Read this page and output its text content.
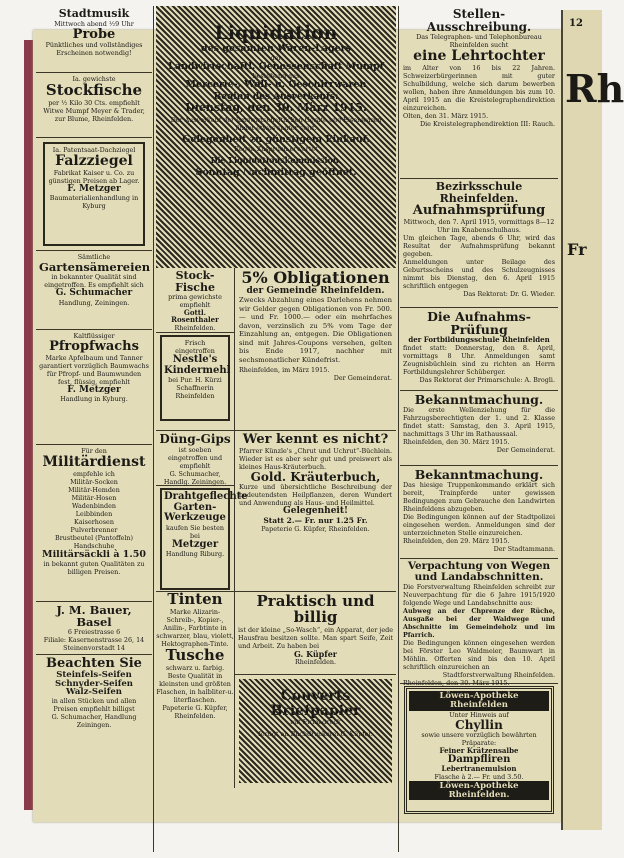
12
Rh
Fr
Stadtmusik
Mittwoch abend ½9 Uhr
Probe
Pünktliches und vollständiges Erscheinen notwendig!
Ia. gewichste
Stockfische
per ½ Kilo 30 Cts. empfiehlt Witwe Mumpf Meyer & Trader, zur Blume, Rheinfelden.
Ia. Patentsaat-Dachziegel
Falzziegel
Fabrikat Kaiser u. Co. zu günstigen Preisen ab Lager.
F. Metzger
Baumaterialienhandlung in Kyburg
Sämtliche
Gartensämereien
in bekannter Qualität sind eingetroffen. Es empfiehlt sich
G. Schumacher
Handlung, Zeiningen.
Kaltflüssiger
Pfropfwachs
Marke Apfelbaum und Tanner garantiert vorzüglich Baumwachs für Pfropf- und Baumwunden fest, flüssig, empfiehlt
F. Metzger
Handlung in Kyburg.
Für den
Militärdienst
empfehle ich
Militär-Socken
Militär-Hemden
Militär-Hosen
Wadenbinden
Leibbinden
Kaiserhosen
Pulverbrenner
Brustbeutel (Pantoffeln)
Handschuhe
Militärsäckli à 1.50
in bekannt guten Qualitäten zu billigen Preisen.
J. M. Bauer, Basel
6 Freiestrasse 6
Filiale: Kasernenstrasse 26, 14 Steinenvorstadt 14
Beachten Sie
Steinfels-Seifen
Schnyder-Seifen
Walz-Seifen
in allen Stücken und allen Preisen empfiehlt billigst
G. Schumacher, Handlung Zeiningen.
Liquidation
des gesamten Waren-Lagers
der
Landwirtschaftl. Genossenschaft Mumpf
bestehend aus
Mercerie-, Woll- u. Geschirrwaren
Beginn des Ausverkaufs:
Dienstag, den 30. März 1915.
Der Ausverkauf der landwirtschaftlichen Geräte und Eisenwaren findet etwas später statt.
Gelegenheit zu günstigem Einkauf.
Regen Zuspruch erwartet
Die Liquidationskommission.
Sonntag Nachmittag geöffnet.
Stock-Fische
prima gewichste empfiehlt
Gottl. Rosenthaler
Rheinfelden.
Frisch eingetroffen
Nestle's Kindermehl
bei Pur. H. Kürzi Schaffnerin
Rheinfelden
5% Obligationen
der Gemeinde Rheinfelden.
Zwecks Abzahlung eines Darlehens nehmen wir Gelder gegen Obligationen von Fr. 500.— und Fr. 1000.— oder ein mehrfaches davon, verzinslich zu 5% vom Tage der Einzahlung an, entgegen. Die Obligationen sind mit Jahres-Coupons versehen, gelten bis Ende 1917, nachher mit sechsmonatlicher Kündefrist.
Rheinfelden, im März 1915.
Der Gemeinderat.
Düng-Gips
ist soeben eingetroffen und empfiehlt
G. Schumacher, Handlg. Zeiningen.
Drahtgeflechte
Garten-Werkzeuge
kaufen Sie besten bei
Metzger
Handlung Riburg.
Wer kennt es nicht?
Pfarrer Künzle's „Chrut und Uchrut“-Büchlein. Wieder ist es aber sehr gut und preiswert als kleines Haus-Kräuterbuch.
Gold. Kräuterbuch,
Kurze und übersichtliche Beschreibung der bedeutendsten Heilpflanzen, deren Wundert und Anwendung als Haus- und Heilmittel.
Gelegenheit!
Statt 2.— Fr. nur 1.25 Fr.
Papeterie G. Küpfer, Rheinfelden.
Tinten
Marke Alizarin-Schreib-, Kopier-, Anilin-, Farbtinte in schwarzer, blau, violett, Hektographen-Tinte.
Tusche
schwarz u. farbig. Beste Qualität in kleinsten und größten Flaschen, in halbliter-u. literflaschen.
Papeterie G. Küpfer, Rheinfelden.
Praktisch und billig
ist der kleine „So-Wasch“, ein Apparat, der jede Hausfrau besitzen sollte. Man spart Seife, Zeit und Arbeit. Zu haben bei
G. Küpfer
Rheinfelden.
Couverts
Briefpapier
mit Firmadruck
fertigt an Buchdruckerei G. Küpfer.
Stellen-Ausschreibung.
Das Telegraphen- und Telephonbureau Rheinfelden sucht
eine Lehrtochter
im Alter von 16 bis 22 Jahren. Schweizerbürgerinnen mit guter Schulbildung, welche sich darum bewerben wollen, haben ihre Anmeldungen bis zum 10. April 1915 an die Kreistelegraphendirektion einzureichen.
Olten, den 31. März 1915.
Die Kreistelegraphendirektion III: Rauch.
Bezirksschule Rheinfelden.
Aufnahmsprüfung
Mittwoch, den 7. April 1915, vormittags 8—12 Uhr im Knabenschulhaus.
Um gleichen Tage, abends 6 Uhr, wird das Resultat der Aufnahmsprüfung bekannt gegeben.
Anmeldungen unter Beilage des Geburtsscheins und des Schulzeugnisses nimmt bis Dienstag, den 6. April 1915 schriftlich entgegen
Das Rektorat: Dr. G. Wieder.
Die Aufnahms-Prüfung
der Fortbildungsschule Rheinfelden
findet statt: Donnerstag, den 8. April, vormittags 8 Uhr. Anmeldungen samt Zeugnisbüchlein sind zu richten an Herrn Fortbildungslehrer Schüberger.
Das Rektorat der Primarschule: A. Brogli.
Bekanntmachung.
Die erste Wellenziehung für die Fahrzugsberechtigten der 1. und 2. Klasse findet statt: Samstag, den 3. April 1915, nachmittags 3 Uhr im Rathaussaal.
Rheinfelden, den 30. März 1915.
Der Gemeinderat.
Bekanntmachung.
Das hiesige Truppenkommando erklärt sich bereit, Trainpferde unter gewissen Bedingungen zum Gebrauche den Landwirten Rheinfeldens abzugeben.
Die Bedingungen können auf der Stadtpolizei eingesehen werden. Anmeldungen sind der unterzeichneten Stelle einzureichen.
Rheinfelden, den 29. März 1915.
Der Stadtammann.
Verpachtung von Wegen und Landabschnitten.
Die Forstverwaltung Rheinfelden schreibt zur Neuverpachtung für die 6 Jahre 1915/1920 folgende Wege und Landabschnitte aus:
Aubweg an der Chprenze der Rüche, Ausgaße bei der Waldwege und Abschnitte im Gemeindeholz und im Pfarrich.
Die Bedingungen können eingesehen werden bei Förster Leo Waldmeier, Baumwart in Möhlin. Offerten sind bis den 10. April schriftlich einzureichen an
Stadtforstverwaltung Rheinfelden.
Rheinfelden, den 30. März 1915.
Löwen-Apotheke Rheinfelden
Unter Hinweis auf
Chyllin
sowie unsere vorzüglich bewährten Präparate:
Feiner Krätzensalbe
Dampfliren
Lebertranemulsion
Flasche à 2.— Fr. und 3.50.
Löwen-Apotheke Rheinfelden.
